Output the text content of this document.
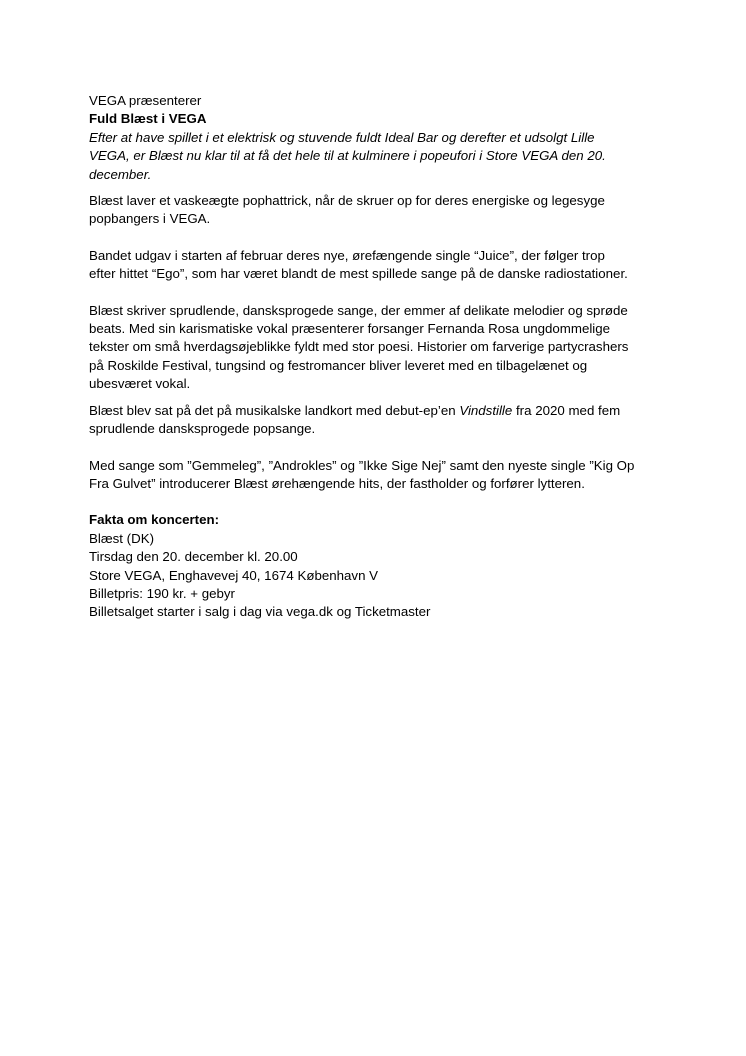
VEGA præsenterer
Fuld Blæst i VEGA
Efter at have spillet i et elektrisk og stuvende fuldt Ideal Bar og derefter et udsolgt Lille
VEGA, er Blæst nu klar til at få det hele til at kulminere i popeufori i Store VEGA den 20.
december.
Blæst laver et vaskeægte pophattrick, når de skruer op for deres energiske og legesyge
popbangers i VEGA.
Bandet udgav i starten af februar deres nye, ørefængende single “Juice”, der følger trop
efter hittet “Ego”, som har været blandt de mest spillede sange på de danske radiostationer.
Blæst skriver sprudlende, dansksprogede sange, der emmer af delikate melodier og sprøde
beats. Med sin karismatiske vokal præsenterer forsanger Fernanda Rosa ungdommelige
tekster om små hverdagsøjeblikke fyldt med stor poesi. Historier om farverige partycrashers
på Roskilde Festival, tungsind og festromancer bliver leveret med en tilbagelænet og
ubesværet vokal.
Blæst blev sat på det på musikalske landkort med debut-ep’en Vindstille fra 2020 med fem
sprudlende dansksprogede popsange.
Med sange som ”Gemmeleg”, ”Androkles” og ”Ikke Sige Nej” samt den nyeste single ”Kig Op
Fra Gulvet” introducerer Blæst ørehængende hits, der fastholder og forfører lytteren.
Fakta om koncerten:
Blæst (DK)
Tirsdag den 20. december kl. 20.00
Store VEGA, Enghavevej 40, 1674 København V
Billetpris: 190 kr. + gebyr
Billetsalget starter i salg i dag via vega.dk og Ticketmaster
